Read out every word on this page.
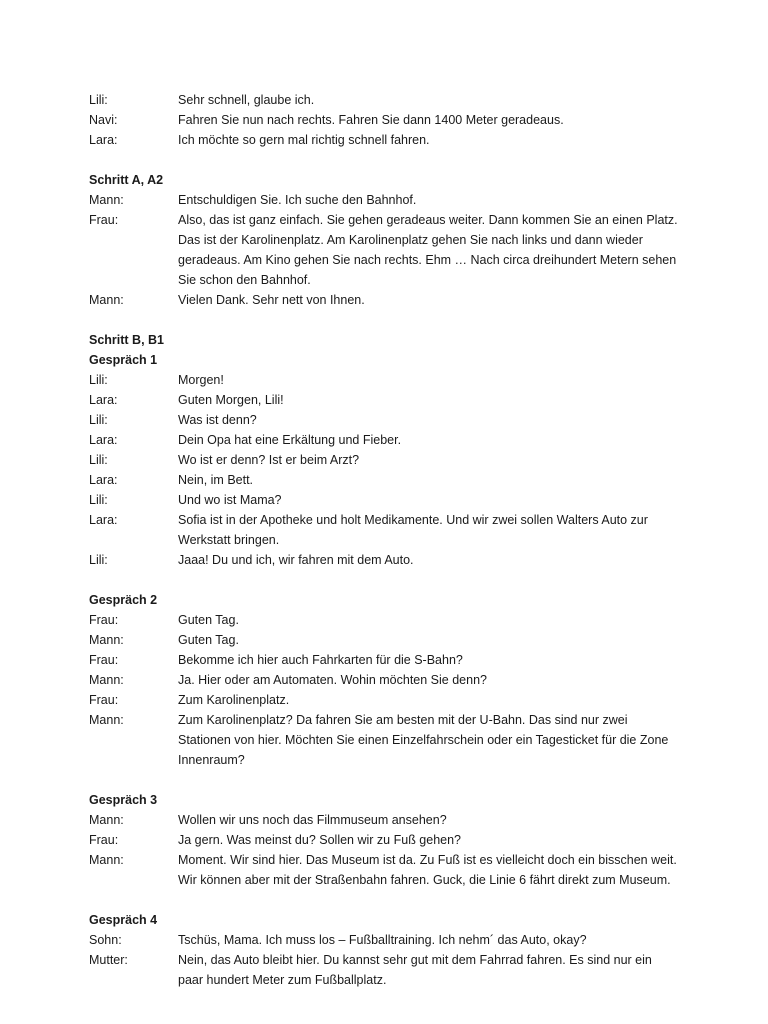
Lili:	Sehr schnell, glaube ich.
Navi:	Fahren Sie nun nach rechts. Fahren Sie dann 1400 Meter geradeaus.
Lara:	Ich möchte so gern mal richtig schnell fahren.
Schritt A, A2
Mann:	Entschuldigen Sie. Ich suche den Bahnhof.
Frau:	Also, das ist ganz einfach. Sie gehen geradeaus weiter. Dann kommen Sie an einen Platz. Das ist der Karolinenplatz. Am Karolinenplatz gehen Sie nach links und dann wieder geradeaus. Am Kino gehen Sie nach rechts. Ehm … Nach circa dreihundert Metern sehen Sie schon den Bahnhof.
Mann:	Vielen Dank. Sehr nett von Ihnen.
Schritt B, B1
Gespräch 1
Lili:	Morgen!
Lara:	Guten Morgen, Lili!
Lili:	Was ist denn?
Lara:	Dein Opa hat eine Erkältung und Fieber.
Lili:	Wo ist er denn? Ist er beim Arzt?
Lara:	Nein, im Bett.
Lili:	Und wo ist Mama?
Lara:	Sofia ist in der Apotheke und holt Medikamente. Und wir zwei sollen Walters Auto zur Werkstatt bringen.
Lili:	Jaaa! Du und ich, wir fahren mit dem Auto.
Gespräch 2
Frau:	Guten Tag.
Mann:	Guten Tag.
Frau:	Bekomme ich hier auch Fahrkarten für die S-Bahn?
Mann:	Ja. Hier oder am Automaten. Wohin möchten Sie denn?
Frau:	Zum Karolinenplatz.
Mann:	Zum Karolinenplatz? Da fahren Sie am besten mit der U-Bahn. Das sind nur zwei Stationen von hier. Möchten Sie einen Einzelfahrschein oder ein Tagesticket für die Zone Innenraum?
Gespräch 3
Mann:	Wollen wir uns noch das Filmmuseum ansehen?
Frau:	Ja gern. Was meinst du? Sollen wir zu Fuß gehen?
Mann:	Moment. Wir sind hier. Das Museum ist da. Zu Fuß ist es vielleicht doch ein bisschen weit. Wir können aber mit der Straßenbahn fahren. Guck, die Linie 6 fährt direkt zum Museum.
Gespräch 4
Sohn:	Tschüs, Mama. Ich muss los – Fußballtraining. Ich nehm´ das Auto, okay?
Mutter:	Nein, das Auto bleibt hier. Du kannst sehr gut mit dem Fahrrad fahren. Es sind nur ein paar hundert Meter zum Fußballplatz.
